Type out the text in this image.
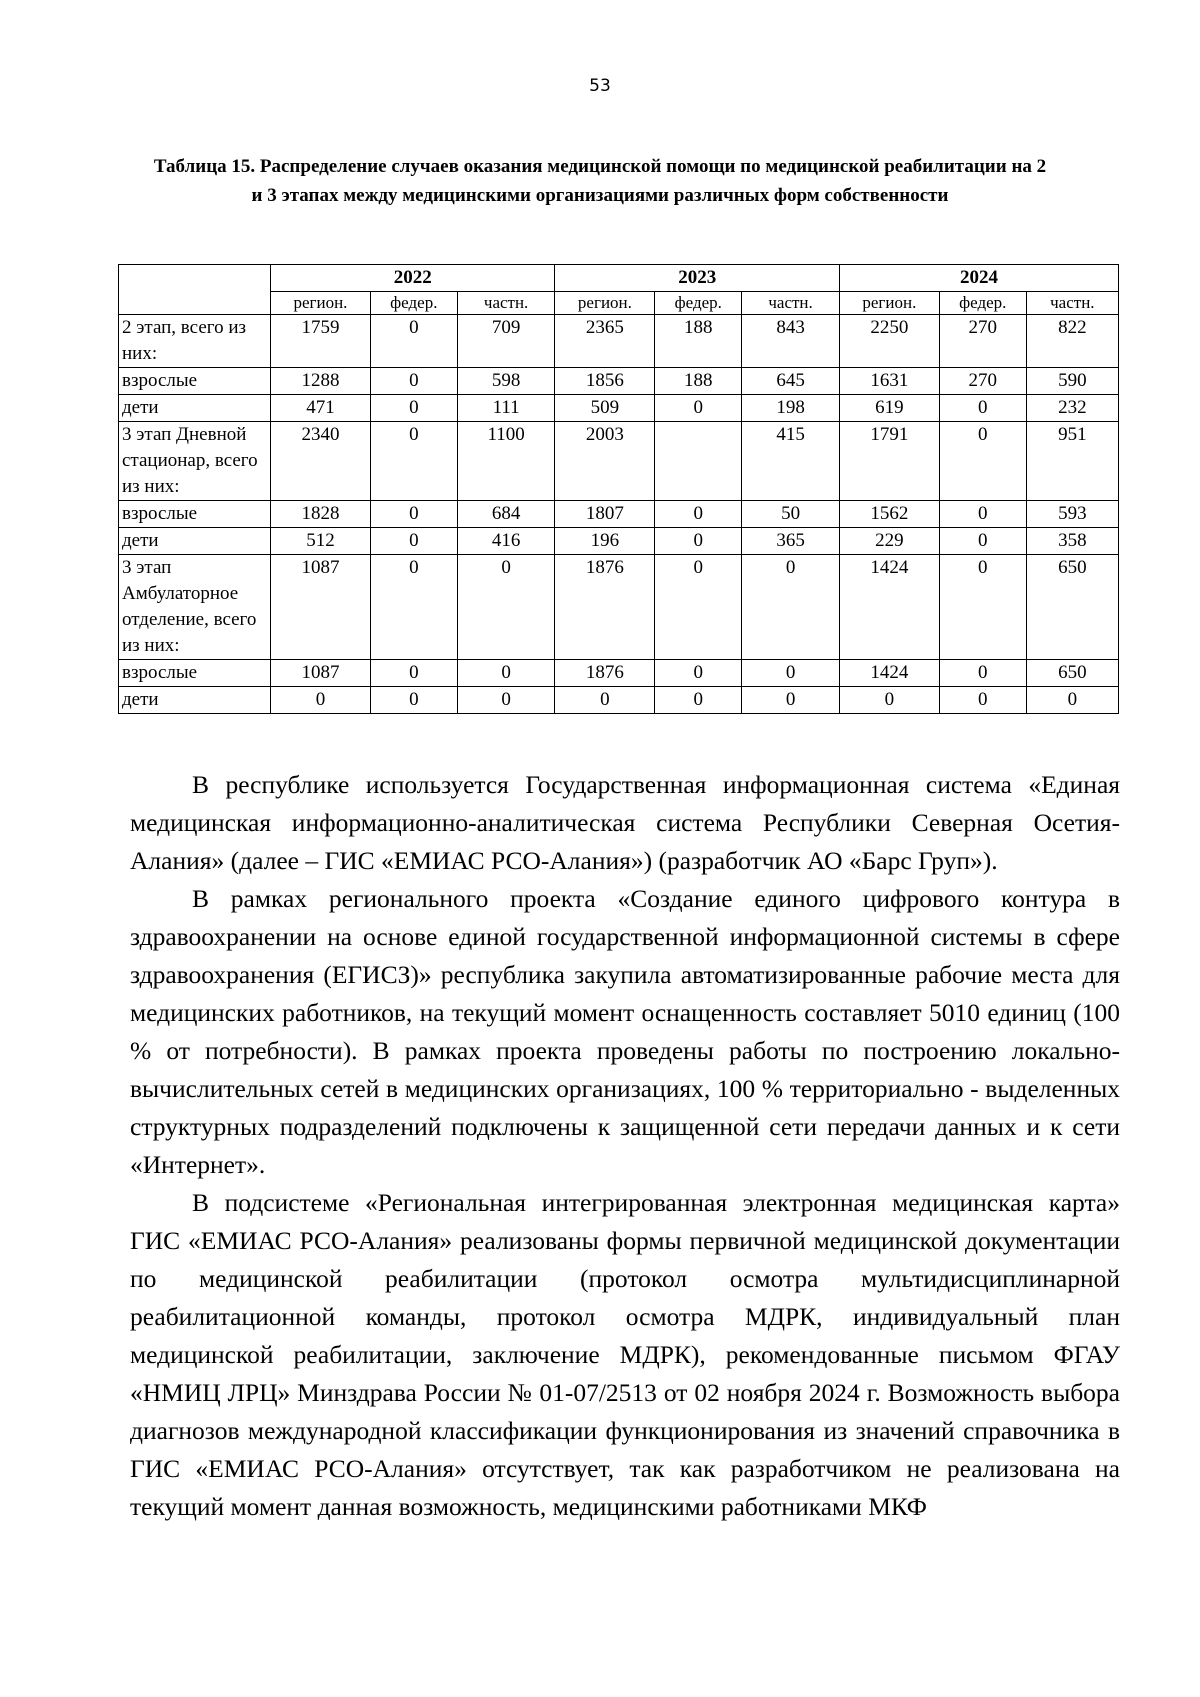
53
Таблица 15. Распределение случаев оказания медицинской помощи по медицинской реабилитации на 2 и 3 этапах между медицинскими организациями различных форм собственности
	2022			2023			2024		
	регион.	федер.	частн.	регион.	федер.	частн.	регион.	федер.	частн.
2 этап, всего из них:	1759	0	709	2365	188	843	2250	270	822
взрослые	1288	0	598	1856	188	645	1631	270	590
дети	471	0	111	509	0	198	619	0	232
3 этап Дневной стационар, всего из них:	2340	0	1100	2003		415	1791	0	951
взрослые	1828	0	684	1807	0	50	1562	0	593
дети	512	0	416	196	0	365	229	0	358
3 этап Амбулаторное отделение, всего из них:	1087	0	0	1876	0	0	1424	0	650
взрослые	1087	0	0	1876	0	0	1424	0	650
дети	0	0	0	0	0	0	0	0	0

В республике используется Государственная информационная система «Единая медицинская информационно-аналитическая система Республики Северная Осетия-Алания» (далее – ГИС «ЕМИАС РСО-Алания») (разработчик АО «Барс Груп»).

В рамках регионального проекта «Создание единого цифрового контура в здравоохранении на основе единой государственной информационной системы в сфере здравоохранения (ЕГИСЗ)» республика закупила автоматизированные рабочие места для медицинских работников, на текущий момент оснащенность составляет 5010 единиц (100 % от потребности). В рамках проекта проведены работы по построению локально-вычислительных сетей в медицинских организациях, 100 % территориально - выделенных структурных подразделений подключены к защищенной сети передачи данных и к сети «Интернет».

В подсистеме «Региональная интегрированная электронная медицинская карта» ГИС «ЕМИАС РСО-Алания» реализованы формы первичной медицинской документации по медицинской реабилитации (протокол осмотра мультидисциплинарной реабилитационной команды, протокол осмотра МДРК, индивидуальный план медицинской реабилитации, заключение МДРК), рекомендованные письмом ФГАУ «НМИЦ ЛРЦ» Минздрава России № 01-07/2513 от 02 ноября 2024 г. Возможность выбора диагнозов международной классификации функционирования из значений справочника в ГИС «ЕМИАС РСО-Алания» отсутствует, так как разработчиком не реализована на текущий момент данная возможность, медицинскими работниками МКФ
